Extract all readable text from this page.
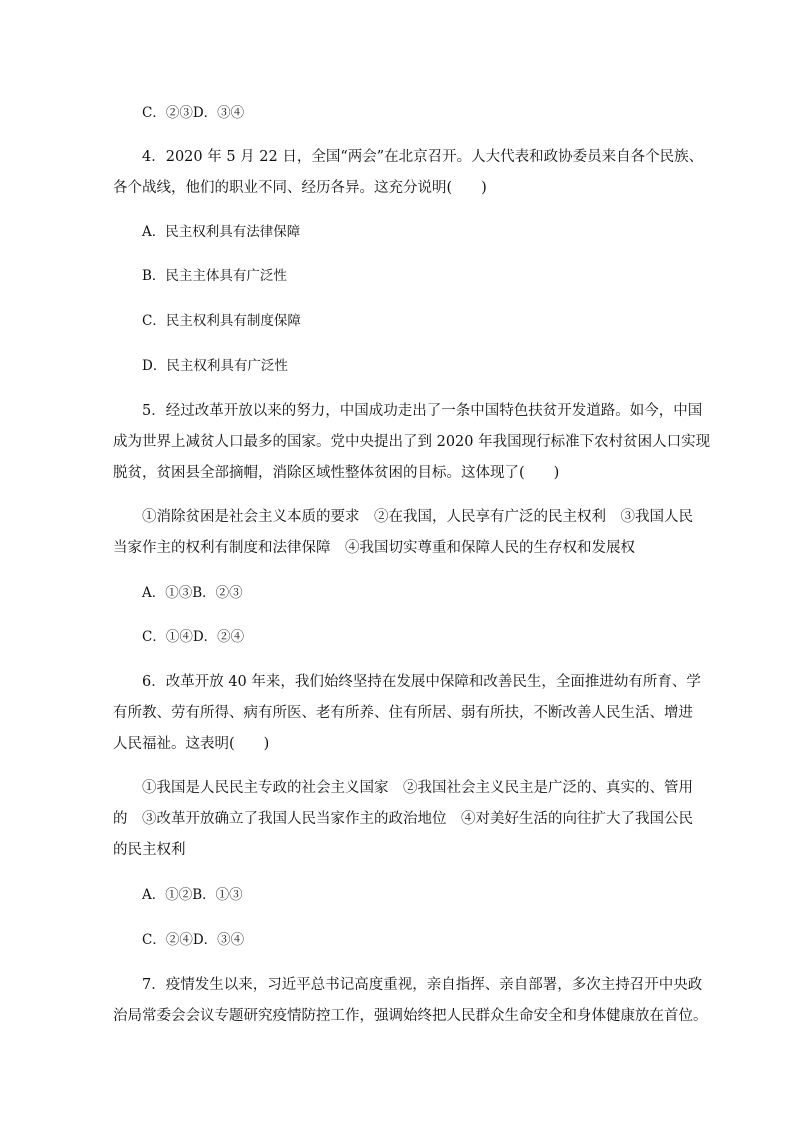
C．②③D．③④
4．2020 年 5 月 22 日，全国“两会”在北京召开。人大代表和政协委员来自各个民族、
各个战线，他们的职业不同、经历各异。这充分说明(　　)
A．民主权利具有法律保障
B．民主主体具有广泛性
C．民主权利具有制度保障
D．民主权利具有广泛性
5．经过改革开放以来的努力，中国成功走出了一条中国特色扶贫开发道路。如今，中国
成为世界上减贫人口最多的国家。党中央提出了到 2020 年我国现行标准下农村贫困人口实现
脱贫，贫困县全部摘帽，消除区域性整体贫困的目标。这体现了(　　)
①消除贫困是社会主义本质的要求　②在我国，人民享有广泛的民主权利　③我国人民
当家作主的权利有制度和法律保障　④我国切实尊重和保障人民的生存权和发展权
A．①③B．②③
C．①④D．②④
6．改革开放 40 年来，我们始终坚持在发展中保障和改善民生，全面推进幼有所育、学
有所教、劳有所得、病有所医、老有所养、住有所居、弱有所扶，不断改善人民生活、增进
人民福祉。这表明(　　)
①我国是人民民主专政的社会主义国家　②我国社会主义民主是广泛的、真实的、管用
的　③改革开放确立了我国人民当家作主的政治地位　④对美好生活的向往扩大了我国公民
的民主权利
A．①②B．①③
C．②④D．③④
7．疫情发生以来，习近平总书记高度重视，亲自指挥、亲自部署，多次主持召开中央政
治局常委会会议专题研究疫情防控工作，强调始终把人民群众生命安全和身体健康放在首位。
